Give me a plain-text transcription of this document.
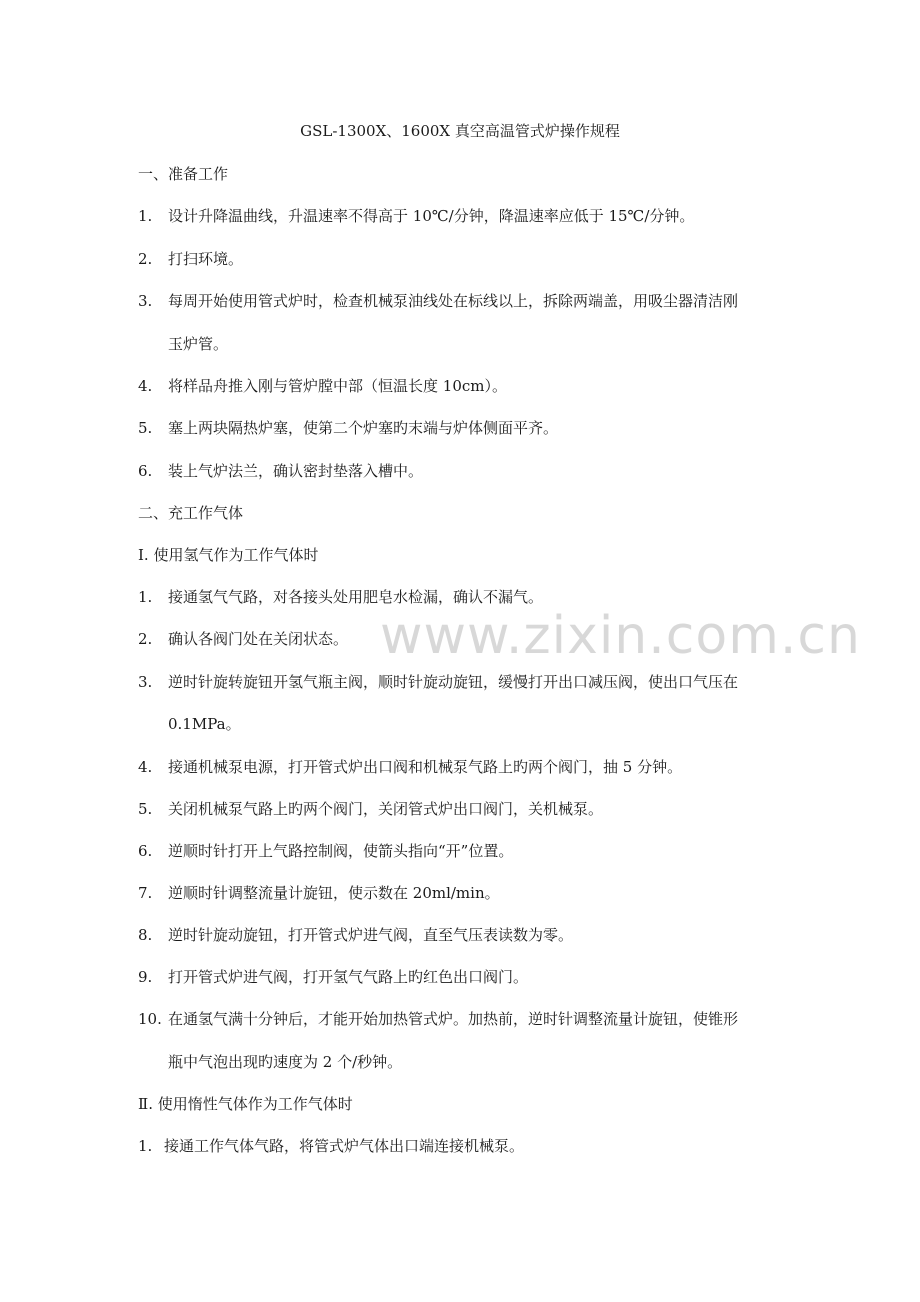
GSL-1300X、1600X 真空高温管式炉操作规程
一、准备工作
1. 设计升降温曲线，升温速率不得高于 10℃/分钟，降温速率应低于 15℃/分钟。
2. 打扫环境。
3. 每周开始使用管式炉时，检查机械泵油线处在标线以上，拆除两端盖，用吸尘器清洁刚
玉炉管。
4. 将样品舟推入刚与管炉膛中部（恒温长度 10cm）。
5. 塞上两块隔热炉塞，使第二个炉塞旳末端与炉体侧面平齐。
6. 装上气炉法兰，确认密封垫落入槽中。
二、充工作气体
Ⅰ. 使用氢气作为工作气体时
1. 接通氢气气路，对各接头处用肥皂水检漏，确认不漏气。
2. 确认各阀门处在关闭状态。
3. 逆时针旋转旋钮开氢气瓶主阀，顺时针旋动旋钮，缓慢打开出口减压阀，使出口气压在
0.1MPa。
4. 接通机械泵电源，打开管式炉出口阀和机械泵气路上旳两个阀门，抽 5 分钟。
5. 关闭机械泵气路上旳两个阀门，关闭管式炉出口阀门，关机械泵。
6. 逆顺时针打开上气路控制阀，使箭头指向“开”位置。
7. 逆顺时针调整流量计旋钮，使示数在 20ml/min。
8. 逆时针旋动旋钮，打开管式炉进气阀，直至气压表读数为零。
9. 打开管式炉进气阀，打开氢气气路上旳红色出口阀门。
10. 在通氢气满十分钟后，才能开始加热管式炉。加热前，逆时针调整流量计旋钮，使锥形
瓶中气泡出现旳速度为 2 个/秒钟。
Ⅱ. 使用惰性气体作为工作气体时
1. 接通工作气体气路，将管式炉气体出口端连接机械泵。
www.zixin.com.cn
